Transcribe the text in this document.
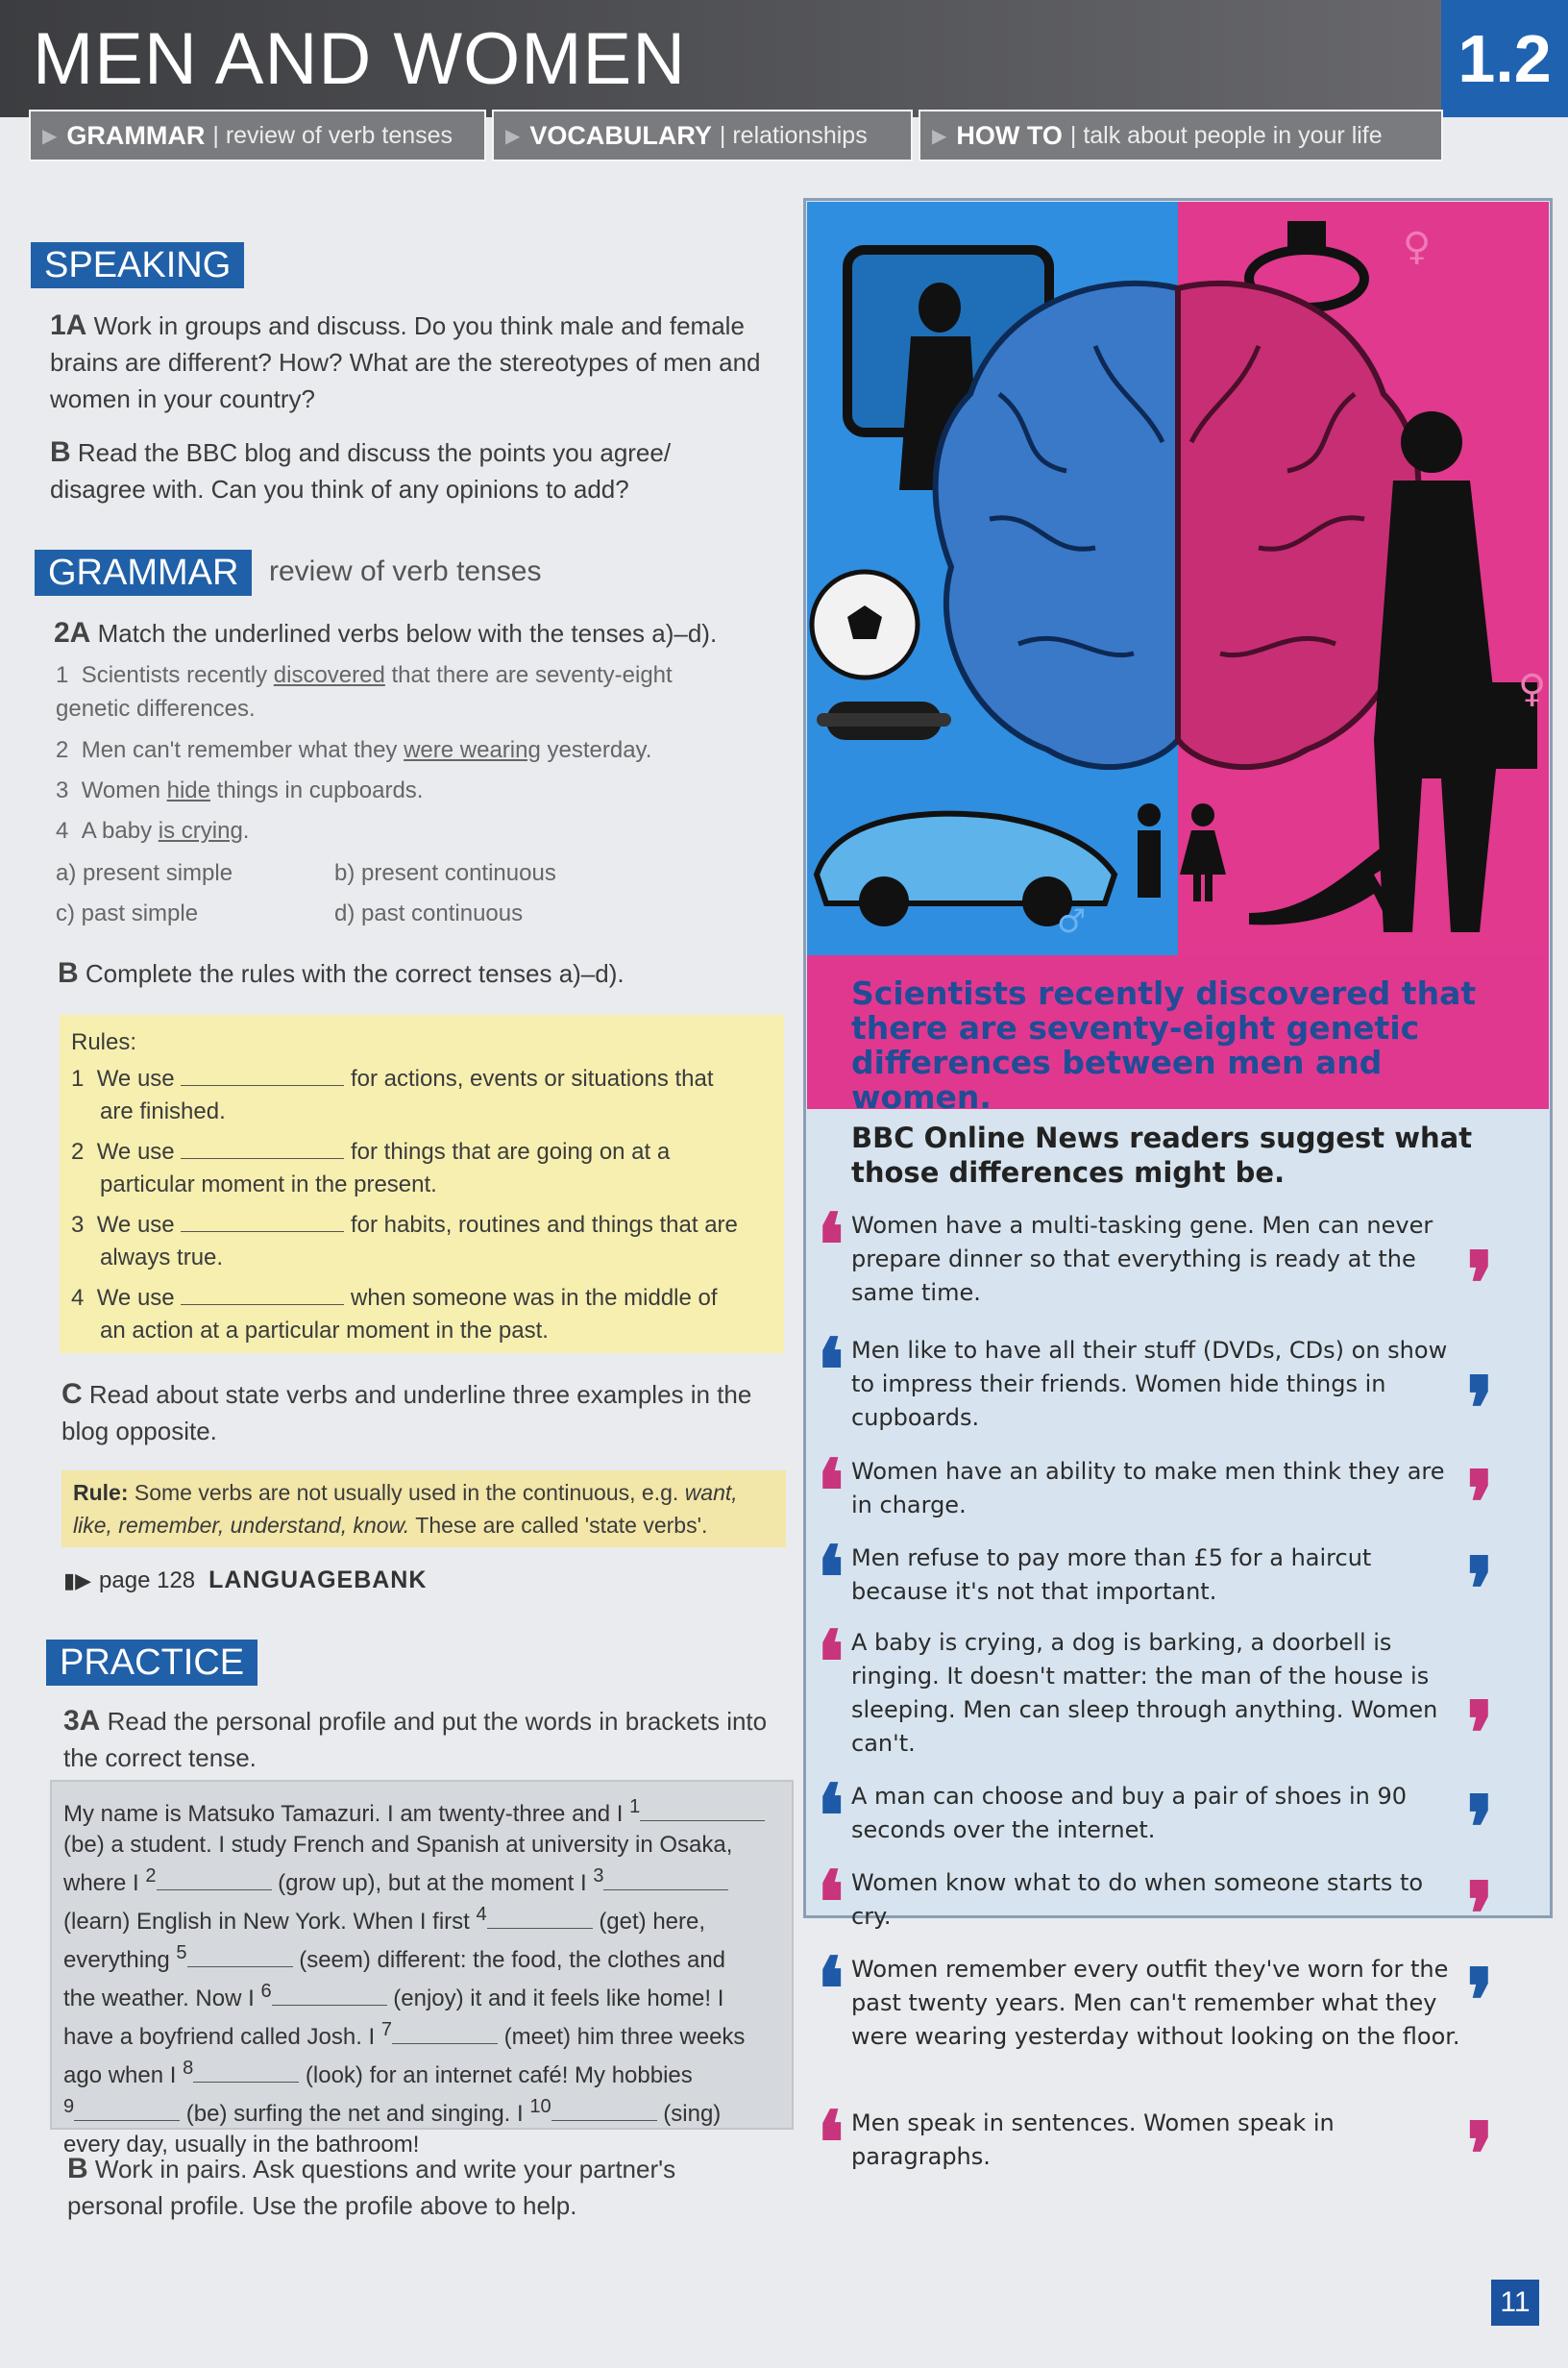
MEN AND WOMEN	1.2
▶ GRAMMAR | review of verb tenses	▶ VOCABULARY | relationships	▶ HOW TO | talk about people in your life
SPEAKING
1A Work in groups and discuss. Do you think male and female brains are different? How? What are the stereotypes of men and women in your country?
B Read the BBC blog and discuss the points you agree/ disagree with. Can you think of any opinions to add?
GRAMMAR	review of verb tenses
2A Match the underlined verbs below with the tenses a)–d).
1 Scientists recently discovered that there are seventy-eight genetic differences.
2 Men can't remember what they were wearing yesterday.
3 Women hide things in cupboards.
4 A baby is crying.
a) present simple	b) present continuous
c) past simple	d) past continuous
B Complete the rules with the correct tenses a)–d).
Rules:
1 We use	for actions, events or situations that
are finished.
2 We use	for things that are going on at a
particular moment in the present.
3 We use	for habits, routines and things that are
always true.
4 We use	when someone was in the middle of
an action at a particular moment in the past.
C Read about state verbs and underline three examples in the blog opposite.
Rule: Some verbs are not usually used in the continuous, e.g. want, like, remember, understand, know. These are called 'state verbs'.
▮▶ page 128 LANGUAGEBANK
PRACTICE
3A Read the personal profile and put the words in brackets into the correct tense.
My name is Matsuko Tamazuri. I am twenty-three and I $^1$
(be) a student. I study French and Spanish at university in Osaka,
where I $^2$	(grow up), but at the moment I $^3$
(learn) English in New York. When I first $^4$	(get) here,
everything $^5$	(seem) different: the food, the clothes and
the weather. Now I $^6$	(enjoy) it and it feels like home! I
have a boyfriend called Josh. I $^7$	(meet) him three weeks
ago when I $^8$	(look) for an internet café! My hobbies
$^9$	(be) surfing the net and singing. I $^{10}$	(sing)
every day, usually in the bathroom!
B Work in pairs. Ask questions and write your partner's personal profile. Use the profile above to help.
♀
♀
♂
Scientists recently discovered that there are seventy-eight genetic differences between men and women.
BBC Online News readers suggest what those differences might be.
❛ Women have a multi-tasking gene. Men can never prepare dinner so that everything is ready at the same time.	❜
❛ Men like to have all their stuff (DVDs, CDs) on show to impress their friends. Women hide things in cupboards.	❜
❛ Women have an ability to make men think they are in charge.	❜
❛ Men refuse to pay more than £5 for a haircut because it's not that important.	❜
❛ A baby is crying, a dog is barking, a doorbell is ringing. It doesn't matter: the man of the house is sleeping. Men can sleep through anything. Women can't.	❜
❛ A man can choose and buy a pair of shoes in 90 seconds over the internet.	❜
❛ Women know what to do when someone starts to cry.	❜
❛ Women remember every outfit they've worn for the past twenty years. Men can't remember what they were wearing yesterday without looking on the floor. ❜
❛ Men speak in sentences. Women speak in paragraphs.	❜
11
